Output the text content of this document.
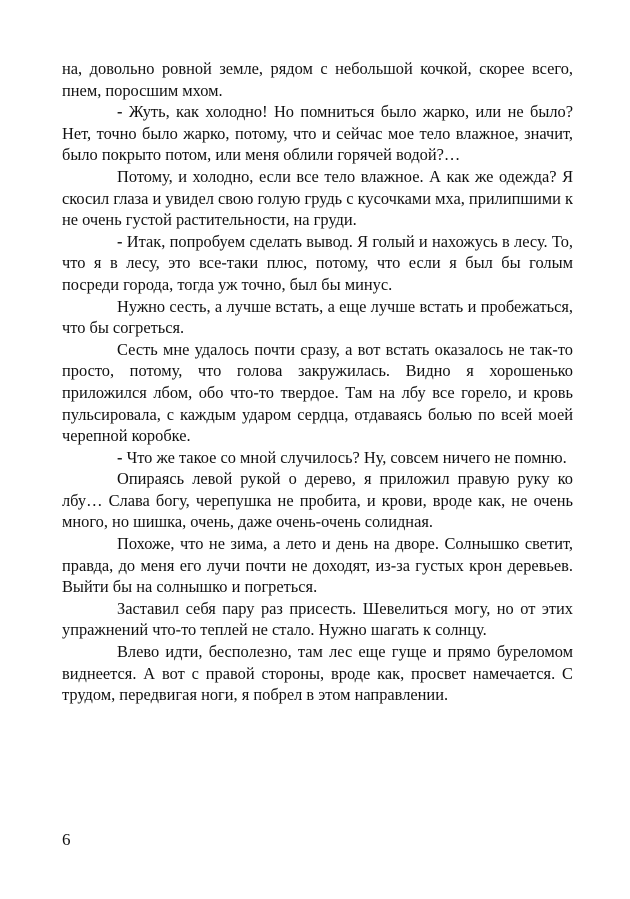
на, довольно ровной земле, рядом с небольшой кочкой, скорее всего, пнем, поросшим мхом.

- Жуть, как холодно! Но помниться было жарко, или не было? Нет, точно было жарко, потому, что и сейчас мое тело влажное, значит, было покрыто потом, или меня облили горячей водой?…

Потому, и холодно, если все тело влажное. А как же одежда? Я скосил глаза и увидел свою голую грудь с кусочками мха, прилипшими к не очень густой растительности, на груди.

- Итак, попробуем сделать вывод. Я голый и нахожусь в лесу. То, что я в лесу, это все-таки плюс, потому, что если я был бы голым посреди города, тогда уж точно, был бы минус.

Нужно сесть, а лучше встать, а еще лучше встать и пробежаться, что бы согреться.

Сесть мне удалось почти сразу, а вот встать оказалось не так-то просто, потому, что голова закружилась. Видно я хорошенько приложился лбом, обо что-то твердое. Там на лбу все горело, и кровь пульсировала, с каждым ударом сердца, отдаваясь болью по всей моей черепной коробке.

- Что же такое со мной случилось? Ну, совсем ничего не помню.

Опираясь левой рукой о дерево, я приложил правую руку ко лбу… Слава богу, черепушка не пробита, и крови, вроде как, не очень много, но шишка, очень, даже очень-очень солидная.

Похоже, что не зима, а лето и день на дворе. Солнышко светит, правда, до меня его лучи почти не доходят, из-за густых крон деревьев. Выйти бы на солнышко и погреться.

Заставил себя пару раз присесть. Шевелиться могу, но от этих упражнений что-то теплей не стало. Нужно шагать к солнцу.

Влево идти, бесполезно, там лес еще гуще и прямо буреломом виднеется. А вот с правой стороны, вроде как, просвет намечается. С трудом, передвигая ноги, я побрел в этом направлении.

6
